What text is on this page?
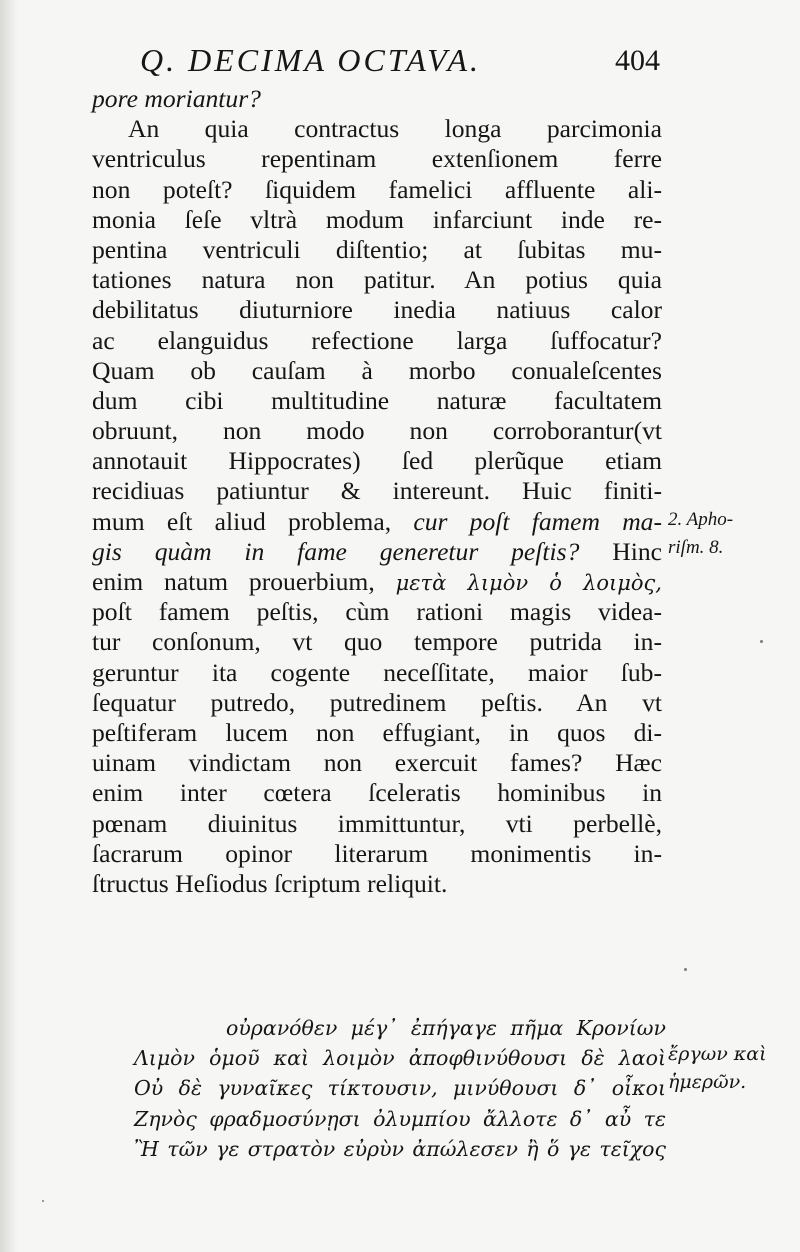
Q. DECIMA OCTAVA.	404
pore moriantur?
An quia contractus longa parcimonia
ventriculus repentinam extenſionem ferre
non poteſt? ſiquidem famelici affluente ali-
monia ſeſe vltrà modum infarciunt inde re-
pentina ventriculi diſtentio; at ſubitas mu-
tationes natura non patitur. An potius quia
debilitatus diuturniore inedia natiuus calor
ac elanguidus refectione larga ſuffocatur?
Quam ob cauſam à morbo conualeſcentes
dum cibi multitudine naturæ facultatem
obruunt, non modo non corroborantur(vt
annotauit Hippocrates) ſed plerũque etiam
recidiuas patiuntur & intereunt. Huic finiti-
mum eſt aliud problema, cur poſt famem ma-
gis quàm in fame generetur peſtis? Hinc
enim natum prouerbium, μετὰ λιμὸν ὁ λοιμὸς,
poſt famem peſtis, cùm rationi magis videa-
tur conſonum, vt quo tempore putrida in-
geruntur ita cogente neceſſitate, maior ſub-
ſequatur putredo, putredinem peſtis. An vt
peſtiferam lucem non effugiant, in quos di-
uinam vindictam non exercuit fames? Hæc
enim inter cœtera ſceleratis hominibus in
pœnam diuinitus immittuntur, vti perbellè,
ſacrarum opinor literarum monimentis in-
ſtructus Heſiodus ſcriptum reliquit.
οὐρανόθεν μέγ᾽ ἐπήγαγε πῆμα Κρονίων
Λιμὸν ὁμοῦ καὶ λοιμὸν ἀποφθινύθουσι δὲ λαοὶ
Οὐ δὲ γυναῖκες τίκτουσιν, μινύθουσι δ᾽ οἶκοι
Ζηνὸς φραδμοσύνῃσι ὀλυμπίου ἄλλοτε δ᾽ αὖ τε
Ἢ τῶν γε στρατὸν εὐρὺν ἀπώλεσεν ἢ ὅ γε τεῖχος
2. Apho-
riſm. 8.
ἔργων καὶ
ἡμερῶν.
